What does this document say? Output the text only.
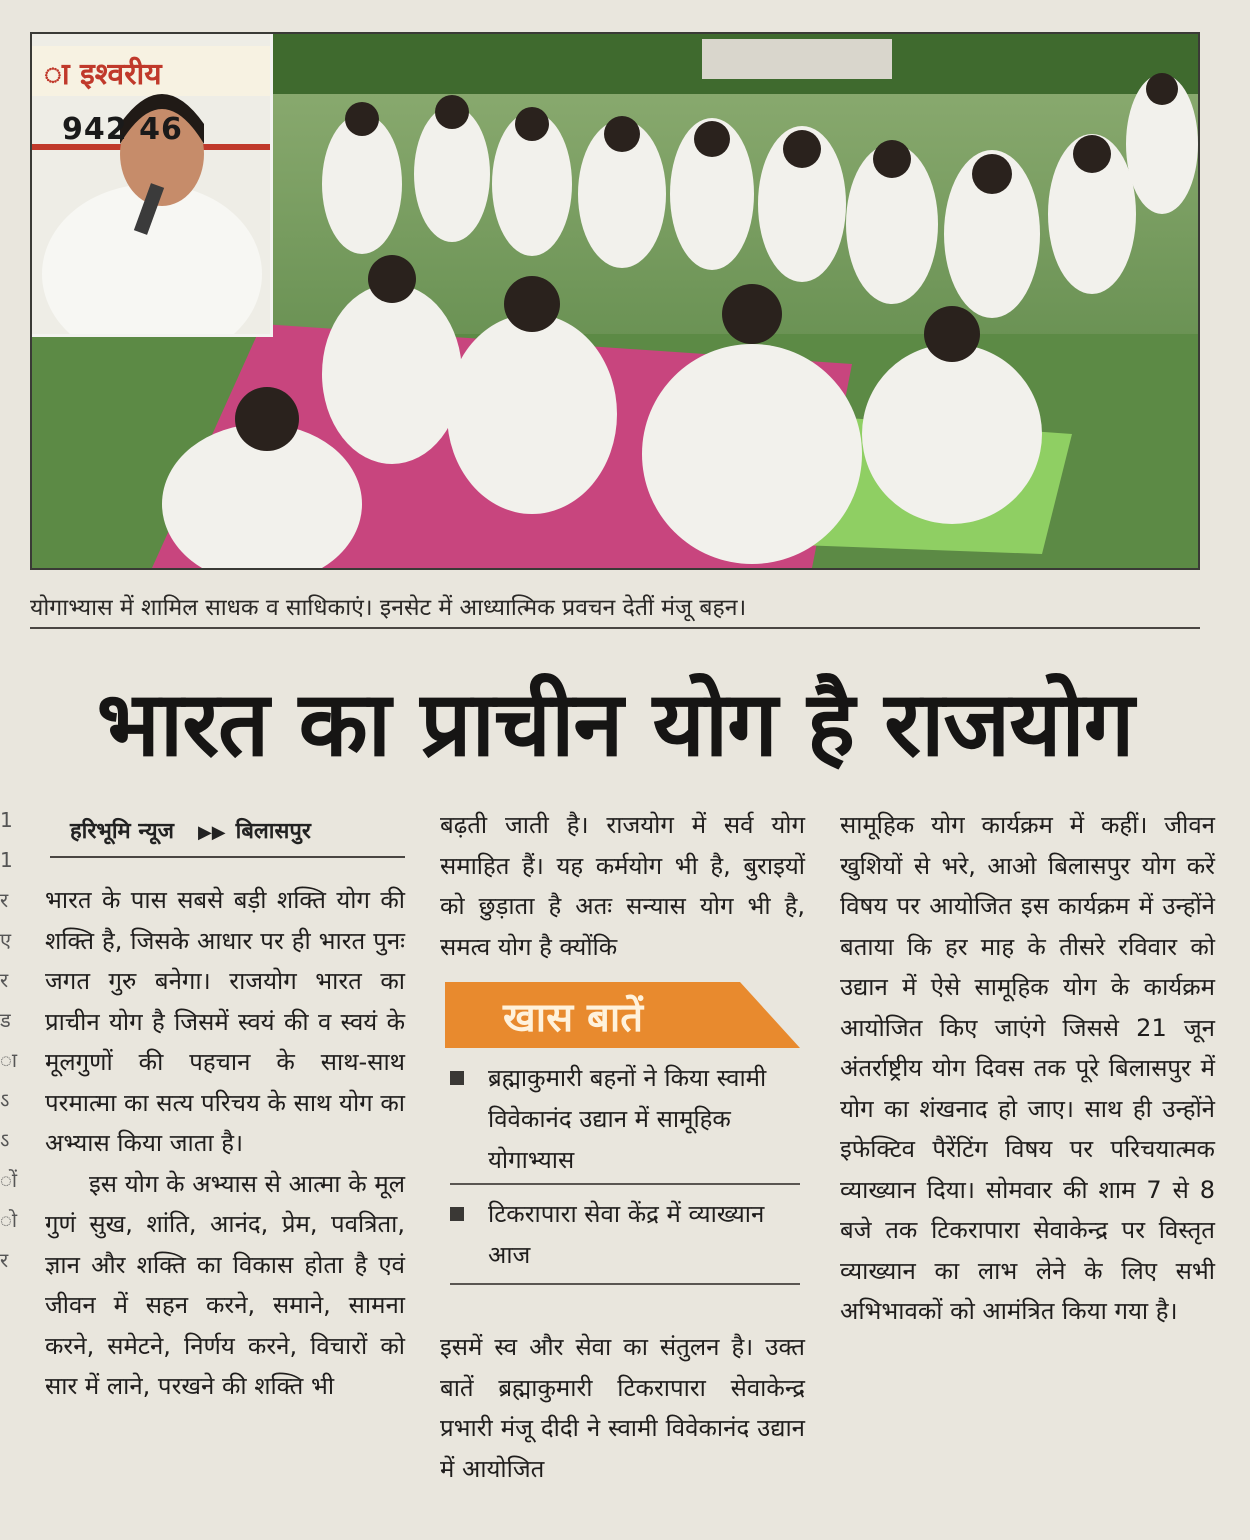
1
1
र
ए
र
ड
ा
ऽ
ऽ
ों
ो
र
ा इश्वरीय
942 46
योगाभ्यास में शामिल साधक व साधिकाएं। इनसेट में आध्यात्मिक प्रवचन देतीं मंजू बहन।
भारत का प्राचीन योग है राजयोग
हरिभूमि न्यूज ▶▶ बिलासपुर

भारत के पास सबसे बड़ी शक्ति योग की शक्ति है, जिसके आधार पर ही भारत पुनः जगत गुरु बनेगा। राजयोग भारत का प्राचीन योग है जिसमें स्वयं की व स्वयं के मूलगुणों की पहचान के साथ-साथ परमात्मा का सत्य परिचय के साथ योग का अभ्यास किया जाता है।

इस योग के अभ्यास से आत्मा के मूल गुणं सुख, शांति, आनंद, प्रेम, पवत्रिता, ज्ञान और शक्ति का विकास होता है एवं जीवन में सहन करने, समाने, सामना करने, समेटने, निर्णय करने, विचारों को सार में लाने, परखने की शक्ति भी

बढ़ती जाती है। राजयोग में सर्व योग समाहित हैं। यह कर्मयोग भी है, बुराइयों को छुड़ाता है अतः सन्यास योग भी है, समत्व योग है क्योंकि

खास बातें
ब्रह्माकुमारी बहनों ने किया स्वामी विवेकानंद उद्यान में सामूहिक योगाभ्यास
टिकरापारा सेवा केंद्र में व्याख्यान आज

इसमें स्व और सेवा का संतुलन है। उक्त बातें ब्रह्माकुमारी टिकरापारा सेवाकेन्द्र प्रभारी मंजू दीदी ने स्वामी विवेकानंद उद्यान में आयोजित

सामूहिक योग कार्यक्रम में कहीं। जीवन खुशियों से भरे, आओ बिलासपुर योग करें विषय पर आयोजित इस कार्यक्रम में उन्होंने बताया कि हर माह के तीसरे रविवार को उद्यान में ऐसे सामूहिक योग के कार्यक्रम आयोजित किए जाएंगे जिससे 21 जून अंतर्राष्ट्रीय योग दिवस तक पूरे बिलासपुर में योग का शंखनाद हो जाए। साथ ही उन्होंने इफेक्टिव पैरेंटिंग विषय पर परिचयात्मक व्याख्यान दिया। सोमवार की शाम 7 से 8 बजे तक टिकरापारा सेवाकेन्द्र पर विस्तृत व्याख्यान का लाभ लेने के लिए सभी अभिभावकों को आमंत्रित किया गया है।
